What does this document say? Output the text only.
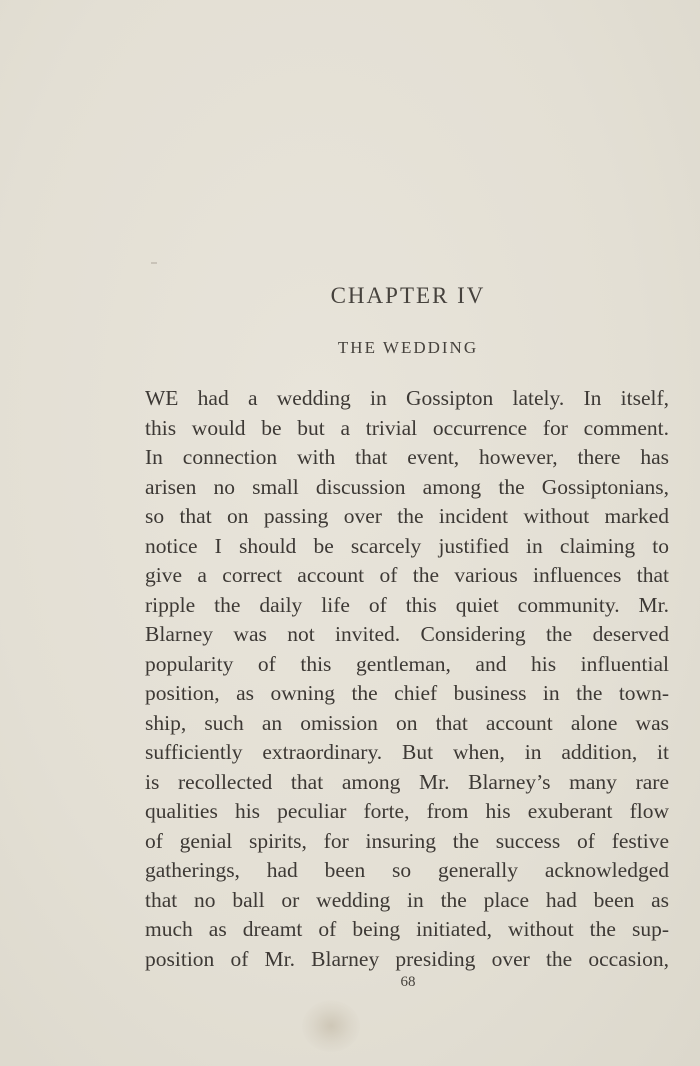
CHAPTER IV
THE WEDDING
WE had a wedding in Gossipton lately. In itself,
this would be but a trivial occurrence for comment.
In connection with that event, however, there has
arisen no small discussion among the Gossiptonians,
so that on passing over the incident without marked
notice I should be scarcely justified in claiming to
give a correct account of the various influences that
ripple the daily life of this quiet community. Mr.
Blarney was not invited. Considering the deserved
popularity of this gentleman, and his influential
position, as owning the chief business in the town-
ship, such an omission on that account alone was
sufficiently extraordinary. But when, in addition, it
is recollected that among Mr. Blarney’s many rare
qualities his peculiar forte, from his exuberant flow
of genial spirits, for insuring the success of festive
gatherings, had been so generally acknowledged
that no ball or wedding in the place had been as
much as dreamt of being initiated, without the sup-
position of Mr. Blarney presiding over the occasion,
68
